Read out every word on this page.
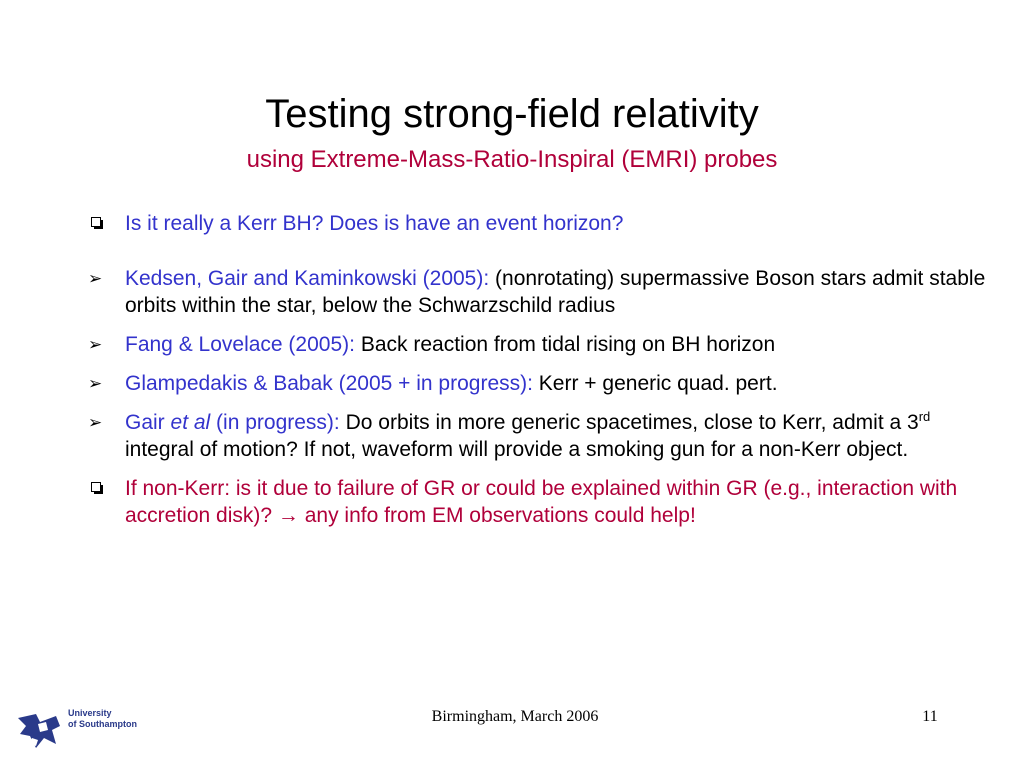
Testing strong-field relativity
using Extreme-Mass-Ratio-Inspiral (EMRI) probes
Is it really a Kerr BH? Does is have an event horizon?
➢ Kedsen, Gair and Kaminkowski (2005): (nonrotating) supermassive Boson stars admit stable orbits within the star, below the Schwarzschild radius
➢ Fang & Lovelace (2005): Back reaction from tidal rising on BH horizon
➢ Glampedakis & Babak (2005 + in progress): Kerr + generic quad. pert.
➢ Gair et al (in progress): Do orbits in more generic spacetimes, close to Kerr, admit a 3rd integral of motion? If not, waveform will provide a smoking gun for a non-Kerr object.
If non-Kerr: is it due to failure of GR or could be explained within GR (e.g., interaction with accretion disk)? → any info from EM observations could help!
University
of Southampton	Birmingham, March 2006	11
